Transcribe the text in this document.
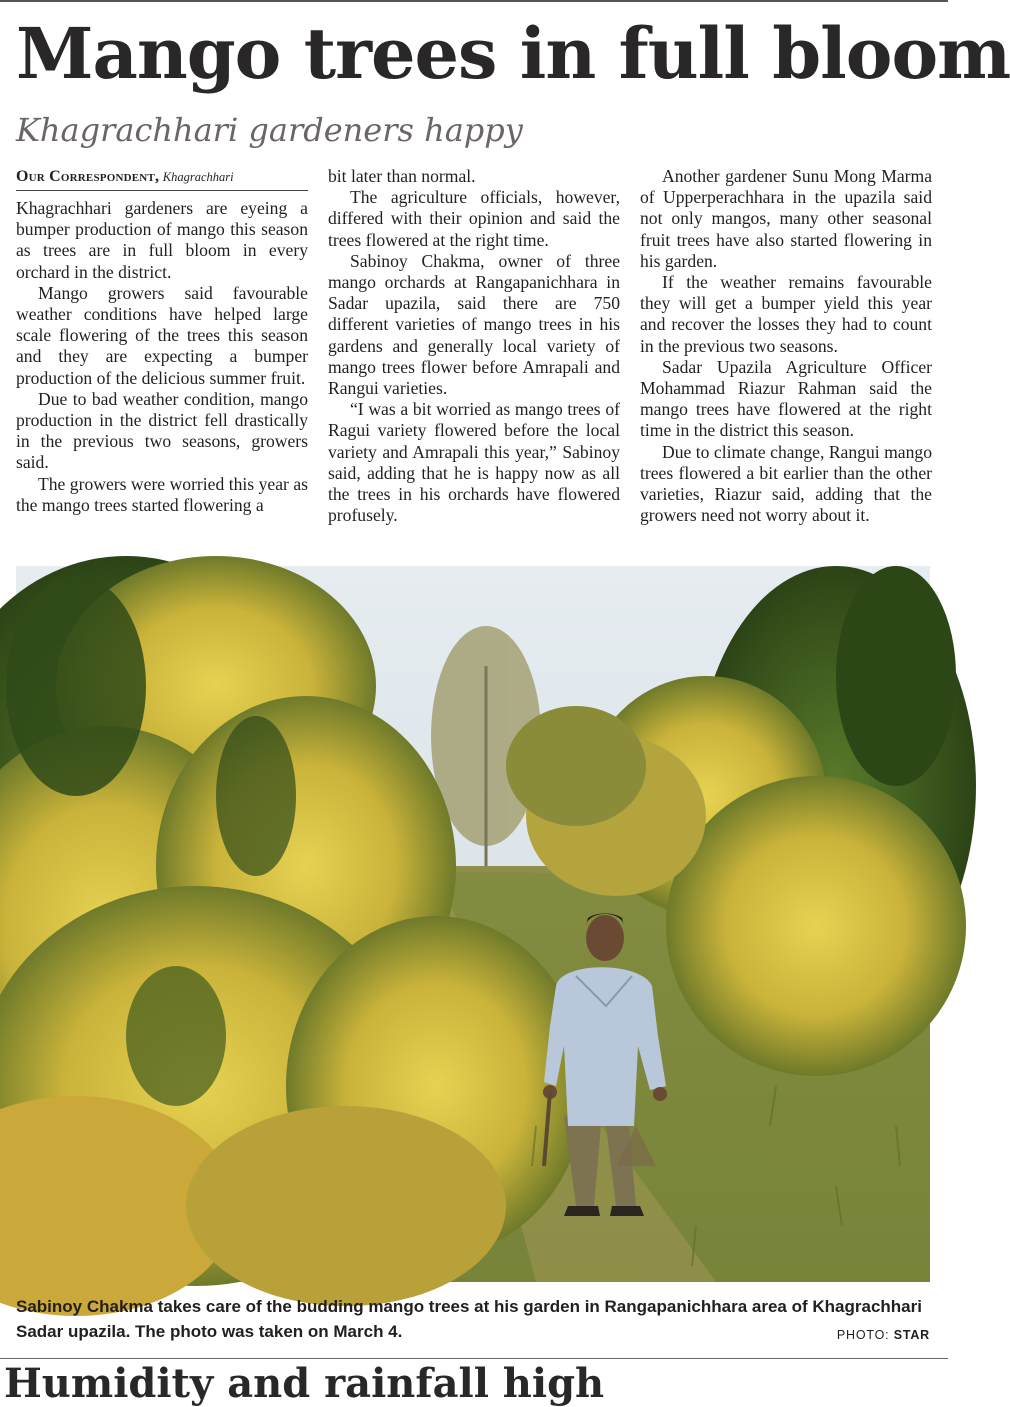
Mango trees in full bloom
Khagrachhari gardeners happy
Our Correspondent, Khagrachhari

Khagrachhari gardeners are eyeing a bumper production of mango this season as trees are in full bloom in every orchard in the district.

Mango growers said favourable weather conditions have helped large scale flowering of the trees this season and they are expecting a bumper production of the delicious summer fruit.

Due to bad weather condition, mango production in the district fell drastically in the previous two seasons, growers said.

The growers were worried this year as the mango trees started flowering a

bit later than normal.

The agriculture officials, however, differed with their opinion and said the trees flowered at the right time.

Sabinoy Chakma, owner of three mango orchards at Rangapanichhara in Sadar upazila, said there are 750 different varieties of mango trees in his gardens and generally local variety of mango trees flower before Amrapali and Rangui varieties.

“I was a bit worried as mango trees of Ragui variety flowered before the local variety and Amrapali this year,” Sabinoy said, adding that he is happy now as all the trees in his orchards have flowered profusely.

Another gardener Sunu Mong Marma of Upperperachhara in the upazila said not only mangos, many other seasonal fruit trees have also started flowering in his garden.

If the weather remains favourable they will get a bumper yield this year and recover the losses they had to count in the previous two seasons.

Sadar Upazila Agriculture Officer Mohammad Riazur Rahman said the mango trees have flowered at the right time in the district this season.

Due to climate change, Rangui mango trees flowered a bit earlier than the other varieties, Riazur said, adding that the growers need not worry about it.

Sabinoy Chakma takes care of the budding mango trees at his garden in Rangapanichhara area of Khagrachhari Sadar upazila. The photo was taken on March 4.	PHOTO: STAR
Humidity and rainfall high
